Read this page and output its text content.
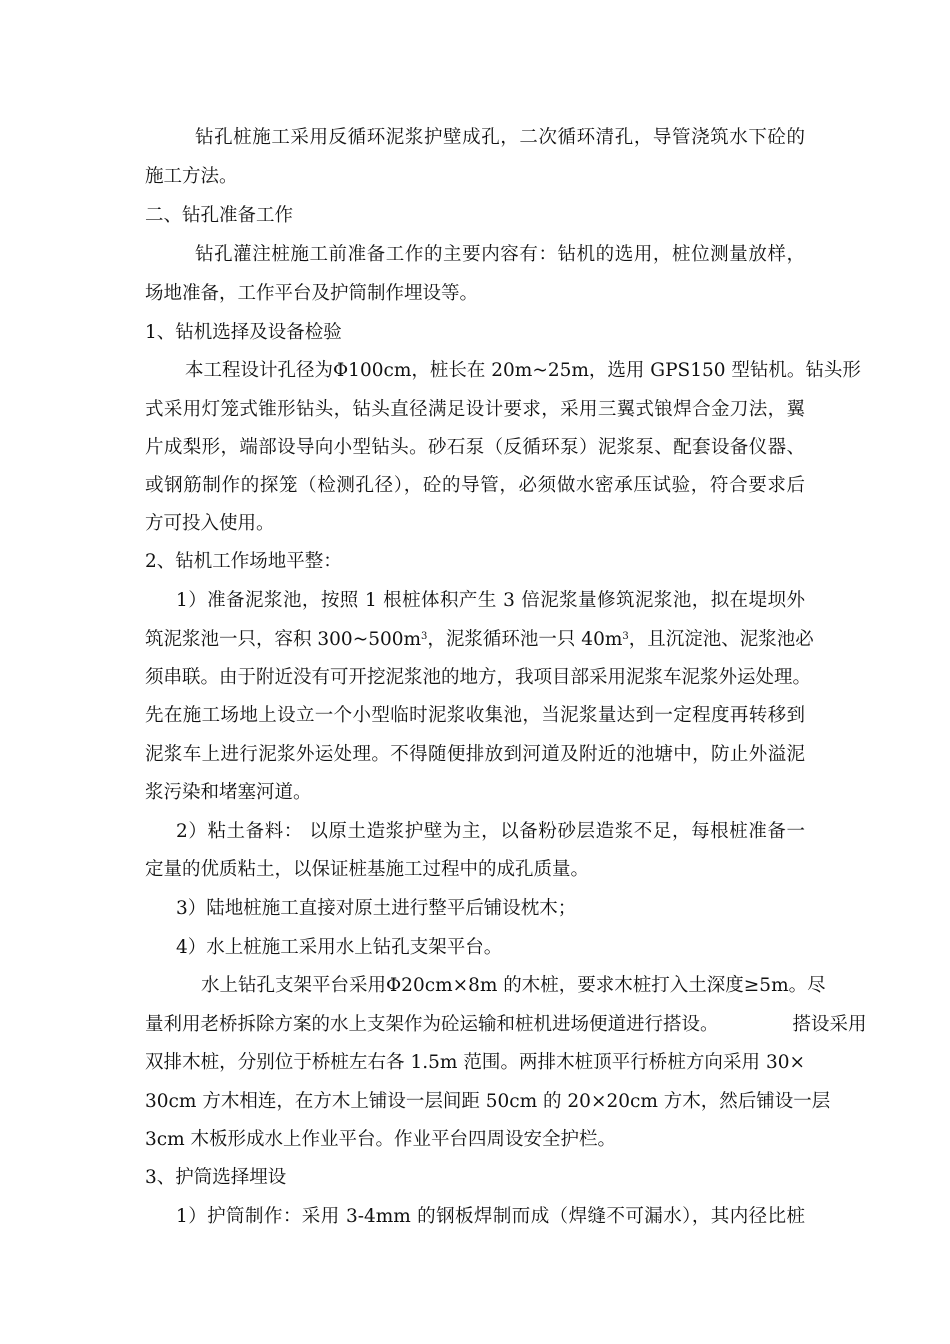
钻孔桩施工采用反循环泥浆护壁成孔，二次循环清孔，导管浇筑水下砼的
施工方法。
二、钻孔准备工作
钻孔灌注桩施工前准备工作的主要内容有：钻机的选用，桩位测量放样，
场地准备，工作平台及护筒制作埋设等。
1、钻机选择及设备检验
本工程设计孔径为Φ100cm，桩长在 20m~25m，选用 GPS150 型钻机。钻头形
式采用灯笼式锥形钻头，钻头直径满足设计要求，采用三翼式锒焊合金刀法，翼
片成梨形，端部设导向小型钻头。砂石泵（反循环泵）泥浆泵、配套设备仪器、
或钢筋制作的探笼（检测孔径），砼的导管，必须做水密承压试验，符合要求后
方可投入使用。
2、钻机工作场地平整：
1）准备泥浆池，按照 1 根桩体积产生 3 倍泥浆量修筑泥浆池，拟在堤坝外
筑泥浆池一只，容积 $300\sim 500m^3$，泥浆循环池一只 $40m^3$，且沉淀池、泥浆池必
须串联。由于附近没有可开挖泥浆池的地方，我项目部采用泥浆车泥浆外运处理。
先在施工场地上设立一个小型临时泥浆收集池，当泥浆量达到一定程度再转移到
泥浆车上进行泥浆外运处理。不得随便排放到河道及附近的池塘中，防止外溢泥
浆污染和堵塞河道。
2）粘土备料： 以原土造浆护壁为主，以备粉砂层造浆不足，每根桩准备一
定量的优质粘土，以保证桩基施工过程中的成孔质量。
3）陆地桩施工直接对原土进行整平后铺设枕木；
4）水上桩施工采用水上钻孔支架平台。
水上钻孔支架平台采用Φ20cm×8m 的木桩，要求木桩打入土深度≥5m。尽
量利用老桥拆除方案的水上支架作为砼运输和桩机进场便道进行搭设。	搭设采用
双排木桩，分别位于桥桩左右各 1.5m 范围。两排木桩顶平行桥桩方向采用 30×
30cm 方木相连，在方木上铺设一层间距 50cm 的 20×20cm 方木，然后铺设一层
3cm 木板形成水上作业平台。作业平台四周设安全护栏。
3、护筒选择埋设
1）护筒制作：采用 3-4mm 的钢板焊制而成（焊缝不可漏水），其内径比桩
